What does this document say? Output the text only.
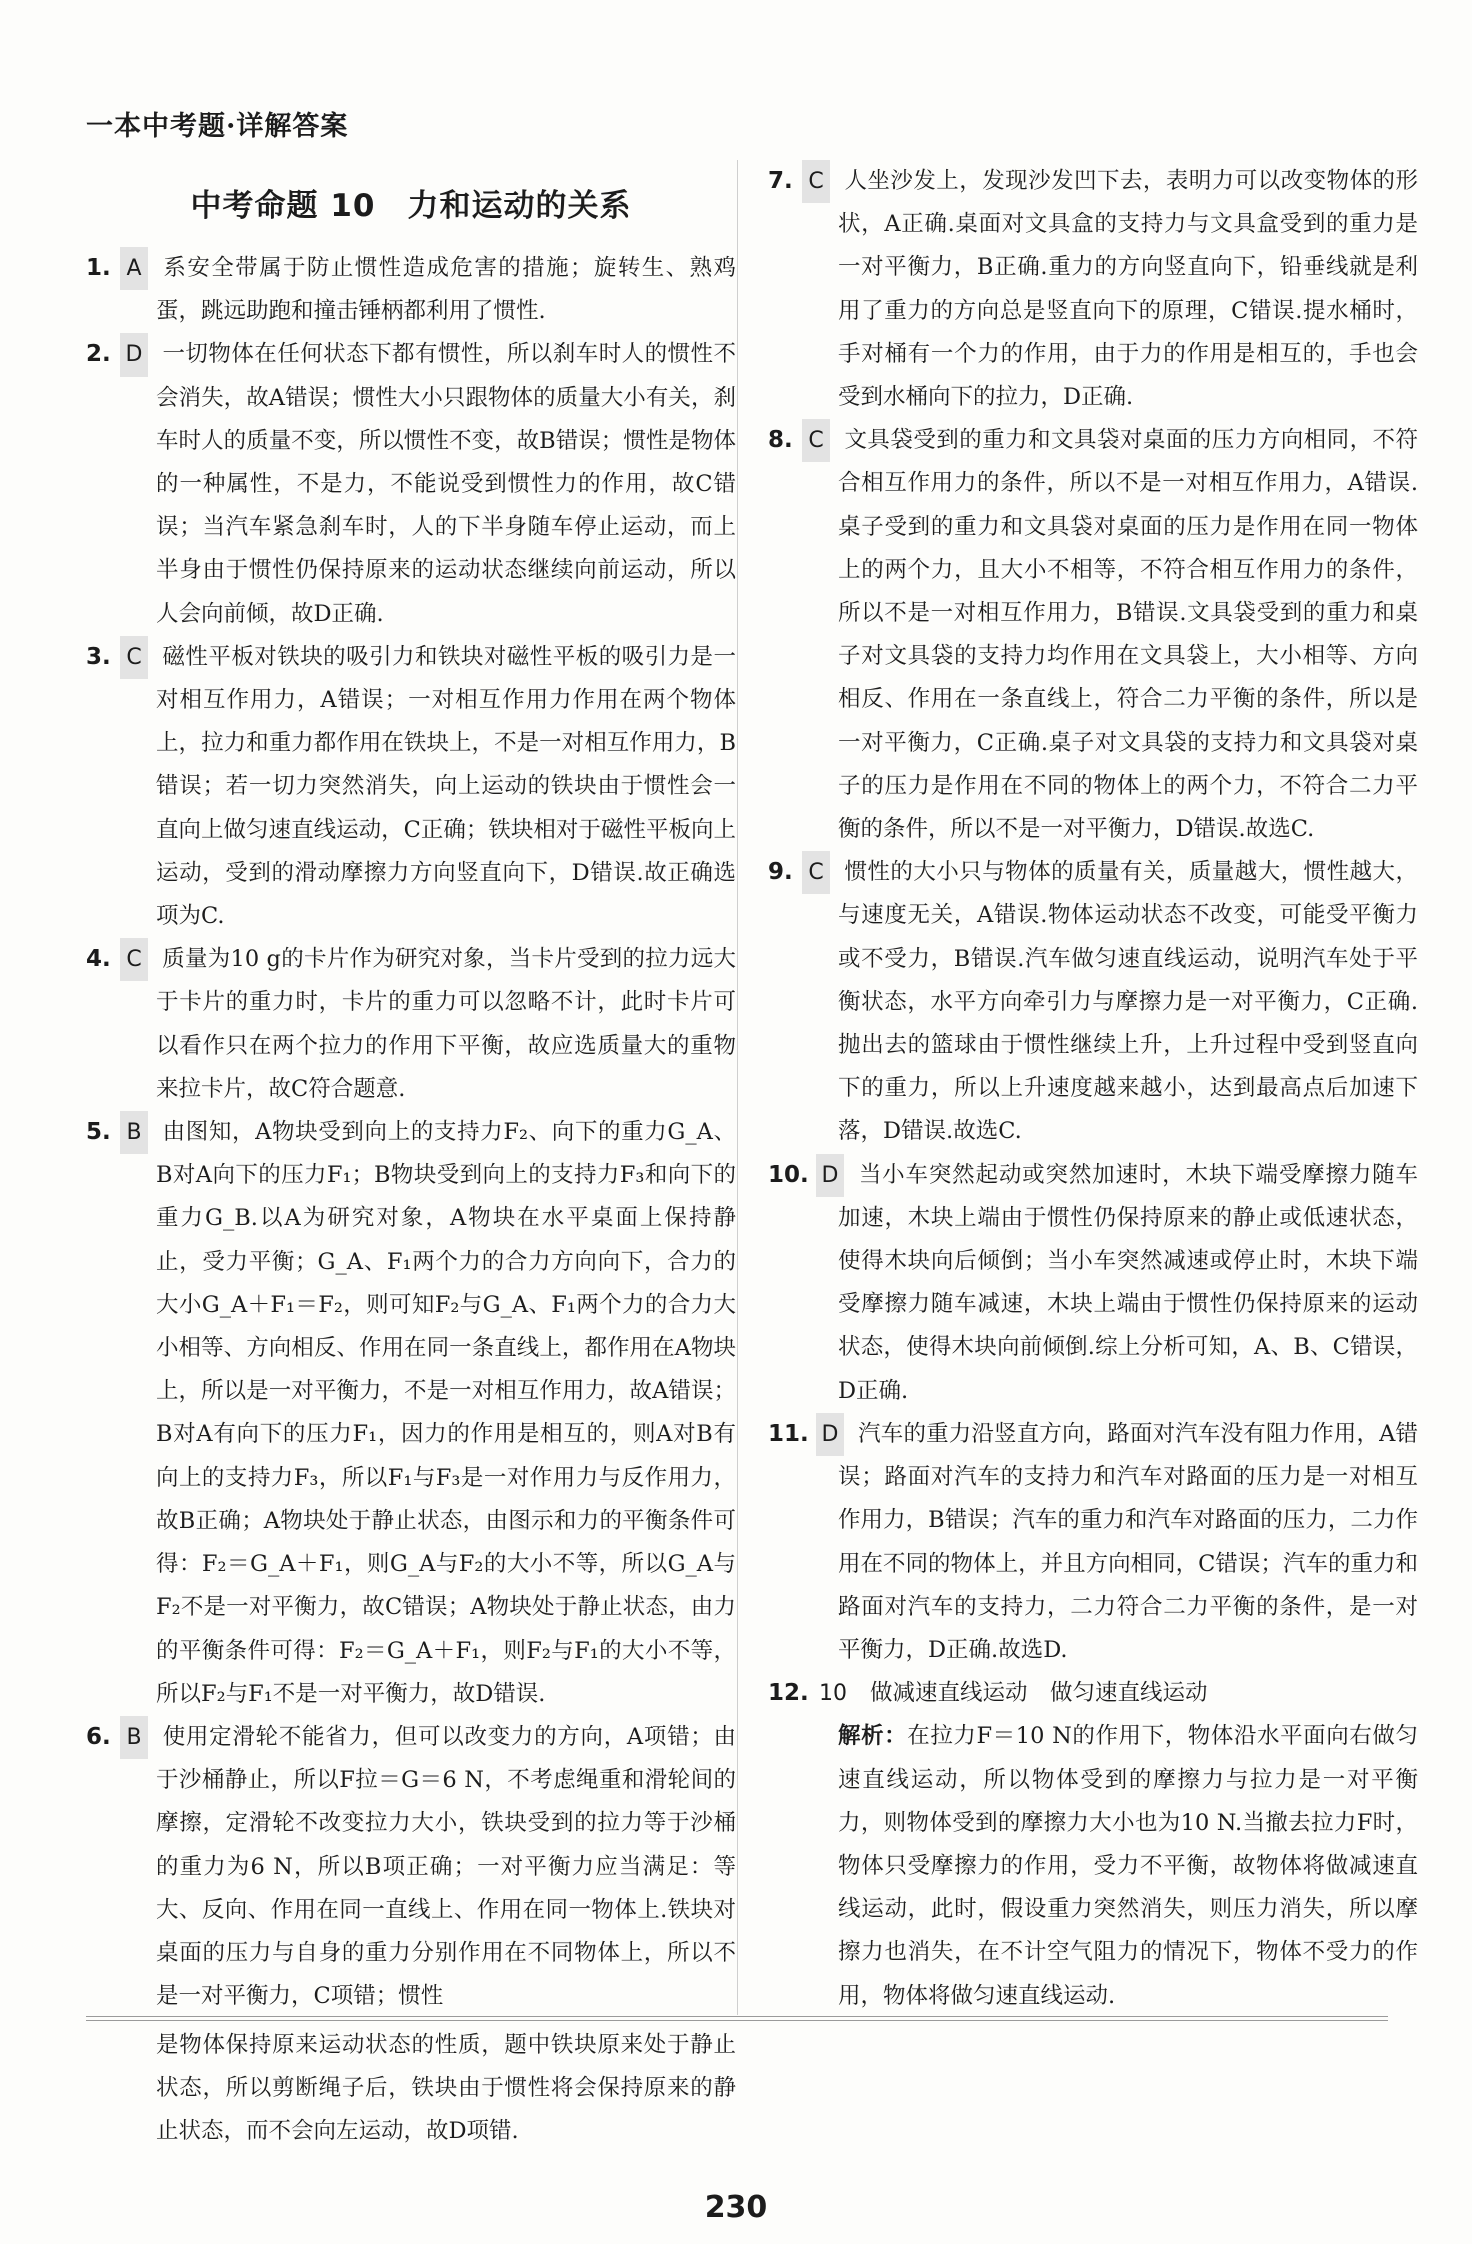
一本中考题·详解答案
中考命题 10　力和运动的关系
1. A 系安全带属于防止惯性造成危害的措施；旋转生、熟鸡蛋，跳远助跑和撞击锤柄都利用了惯性.
2. D 一切物体在任何状态下都有惯性，所以刹车时人的惯性不会消失，故A错误；惯性大小只跟物体的质量大小有关，刹车时人的质量不变，所以惯性不变，故B错误；惯性是物体的一种属性，不是力，不能说受到惯性力的作用，故C错误；当汽车紧急刹车时，人的下半身随车停止运动，而上半身由于惯性仍保持原来的运动状态继续向前运动，所以人会向前倾，故D正确.
3. C 磁性平板对铁块的吸引力和铁块对磁性平板的吸引力是一对相互作用力，A错误；一对相互作用力作用在两个物体上，拉力和重力都作用在铁块上，不是一对相互作用力，B错误；若一切力突然消失，向上运动的铁块由于惯性会一直向上做匀速直线运动，C正确；铁块相对于磁性平板向上运动，受到的滑动摩擦力方向竖直向下，D错误.故正确选项为C.
4. C 质量为10 g的卡片作为研究对象，当卡片受到的拉力远大于卡片的重力时，卡片的重力可以忽略不计，此时卡片可以看作只在两个拉力的作用下平衡，故应选质量大的重物来拉卡片，故C符合题意.
5. B 由图知，A物块受到向上的支持力F₂、向下的重力G_A、B对A向下的压力F₁；B物块受到向上的支持力F₃和向下的重力G_B.以A为研究对象，A物块在水平桌面上保持静止，受力平衡；G_A、F₁两个力的合力方向向下，合力的大小G_A＋F₁＝F₂，则可知F₂与G_A、F₁两个力的合力大小相等、方向相反、作用在同一条直线上，都作用在A物块上，所以是一对平衡力，不是一对相互作用力，故A错误；B对A有向下的压力F₁，因力的作用是相互的，则A对B有向上的支持力F₃，所以F₁与F₃是一对作用力与反作用力，故B正确；A物块处于静止状态，由图示和力的平衡条件可得：F₂＝G_A＋F₁，则G_A与F₂的大小不等，所以G_A与F₂不是一对平衡力，故C错误；A物块处于静止状态，由力的平衡条件可得：F₂＝G_A＋F₁，则F₂与F₁的大小不等，所以F₂与F₁不是一对平衡力，故D错误.
6. B 使用定滑轮不能省力，但可以改变力的方向，A项错；由于沙桶静止，所以F拉＝G＝6 N，不考虑绳重和滑轮间的摩擦，定滑轮不改变拉力大小，铁块受到的拉力等于沙桶的重力为6 N，所以B项正确；一对平衡力应当满足：等大、反向、作用在同一直线上、作用在同一物体上.铁块对桌面的压力与自身的重力分别作用在不同物体上，所以不是一对平衡力，C项错；惯性
7. C 人坐沙发上，发现沙发凹下去，表明力可以改变物体的形状，A正确.桌面对文具盒的支持力与文具盒受到的重力是一对平衡力，B正确.重力的方向竖直向下，铅垂线就是利用了重力的方向总是竖直向下的原理，C错误.提水桶时，手对桶有一个力的作用，由于力的作用是相互的，手也会受到水桶向下的拉力，D正确.
8. C 文具袋受到的重力和文具袋对桌面的压力方向相同，不符合相互作用力的条件，所以不是一对相互作用力，A错误.桌子受到的重力和文具袋对桌面的压力是作用在同一物体上的两个力，且大小不相等，不符合相互作用力的条件，所以不是一对相互作用力，B错误.文具袋受到的重力和桌子对文具袋的支持力均作用在文具袋上，大小相等、方向相反、作用在一条直线上，符合二力平衡的条件，所以是一对平衡力，C正确.桌子对文具袋的支持力和文具袋对桌子的压力是作用在不同的物体上的两个力，不符合二力平衡的条件，所以不是一对平衡力，D错误.故选C.
9. C 惯性的大小只与物体的质量有关，质量越大，惯性越大，与速度无关，A错误.物体运动状态不改变，可能受平衡力或不受力，B错误.汽车做匀速直线运动，说明汽车处于平衡状态，水平方向牵引力与摩擦力是一对平衡力，C正确.抛出去的篮球由于惯性继续上升，上升过程中受到竖直向下的重力，所以上升速度越来越小，达到最高点后加速下落，D错误.故选C.
10. D 当小车突然起动或突然加速时，木块下端受摩擦力随车加速，木块上端由于惯性仍保持原来的静止或低速状态，使得木块向后倾倒；当小车突然减速或停止时，木块下端受摩擦力随车减速，木块上端由于惯性仍保持原来的运动状态，使得木块向前倾倒.综上分析可知，A、B、C错误，D正确.
11. D 汽车的重力沿竖直方向，路面对汽车没有阻力作用，A错误；路面对汽车的支持力和汽车对路面的压力是一对相互作用力，B错误；汽车的重力和汽车对路面的压力，二力作用在不同的物体上，并且方向相同，C错误；汽车的重力和路面对汽车的支持力，二力符合二力平衡的条件，是一对平衡力，D正确.故选D.
12. 10 做减速直线运动　做匀速直线运动
解析：在拉力F＝10 N的作用下，物体沿水平面向右做匀速直线运动，所以物体受到的摩擦力与拉力是一对平衡力，则物体受到的摩擦力大小也为10 N.当撤去拉力F时，物体只受摩擦力的作用，受力不平衡，故物体将做减速直线运动，此时，假设重力突然消失，则压力消失，所以摩擦力也消失，在不计空气阻力的情况下，物体不受力的作用，物体将做匀速直线运动.
是物体保持原来运动状态的性质，题中铁块原来处于静止状态，所以剪断绳子后，铁块由于惯性将会保持原来的静止状态，而不会向左运动，故D项错.
230
